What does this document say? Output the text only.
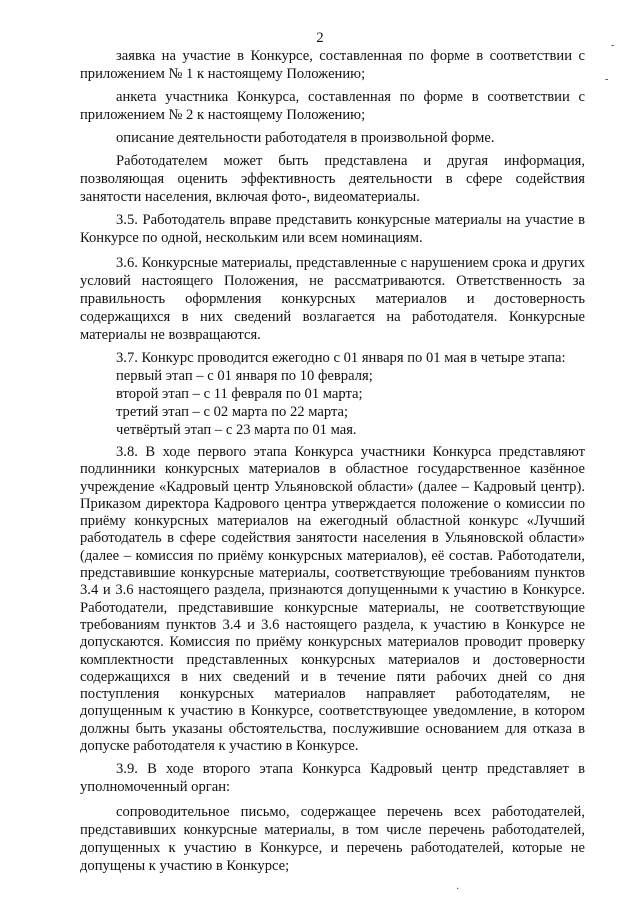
2

заявка на участие в Конкурсе, составленная по форме в соответствии с приложением № 1 к настоящему Положению;

анкета участника Конкурса, составленная по форме в соответствии с приложением № 2 к настоящему Положению;

описание деятельности работодателя в произвольной форме.

Работодателем может быть представлена и другая информация, позволяющая оценить эффективность деятельности в сфере содействия занятости населения, включая фото-, видеоматериалы.

3.5. Работодатель вправе представить конкурсные материалы на участие в Конкурсе по одной, нескольким или всем номинациям.

3.6. Конкурсные материалы, представленные с нарушением срока и других условий настоящего Положения, не рассматриваются. Ответственность за правильность оформления конкурсных материалов и достоверность содержащихся в них сведений возлагается на работодателя. Конкурсные материалы не возвращаются.

3.7. Конкурс проводится ежегодно с 01 января по 01 мая в четыре этапа:

первый этап – с 01 января по 10 февраля;

второй этап – с 11 февраля по 01 марта;

третий этап – с 02 марта по 22 марта;

четвёртый этап – с 23 марта по 01 мая.

3.8. В ходе первого этапа Конкурса участники Конкурса представляют подлинники конкурсных материалов в областное государственное казённое учреждение «Кадровый центр Ульяновской области» (далее – Кадровый центр). Приказом директора Кадрового центра утверждается положение о комиссии по приёму конкурсных материалов на ежегодный областной конкурс «Лучший работодатель в сфере содействия занятости населения в Ульяновской области» (далее – комиссия по приёму конкурсных материалов), её состав. Работодатели, представившие конкурсные материалы, соответствующие требованиям пунктов 3.4 и 3.6 настоящего раздела, признаются допущенными к участию в Конкурсе. Работодатели, представившие конкурсные материалы, не соответствующие требованиям пунктов 3.4 и 3.6 настоящего раздела, к участию в Конкурсе не допускаются. Комиссия по приёму конкурсных материалов проводит проверку комплектности представленных конкурсных материалов и достоверности содержащихся в них сведений и в течение пяти рабочих дней со дня поступления конкурсных материалов направляет работодателям, не допущенным к участию в Конкурсе, соответствующее уведомление, в котором должны быть указаны обстоятельства, послужившие основанием для отказа в допуске работодателя к участию в Конкурсе.

3.9. В ходе второго этапа Конкурса Кадровый центр представляет в уполномоченный орган:

сопроводительное письмо, содержащее перечень всех работодателей, представивших конкурсные материалы, в том числе перечень работодателей, допущенных к участию в Конкурсе, и перечень работодателей, которые не допущены к участию в Конкурсе;

-
-
·
